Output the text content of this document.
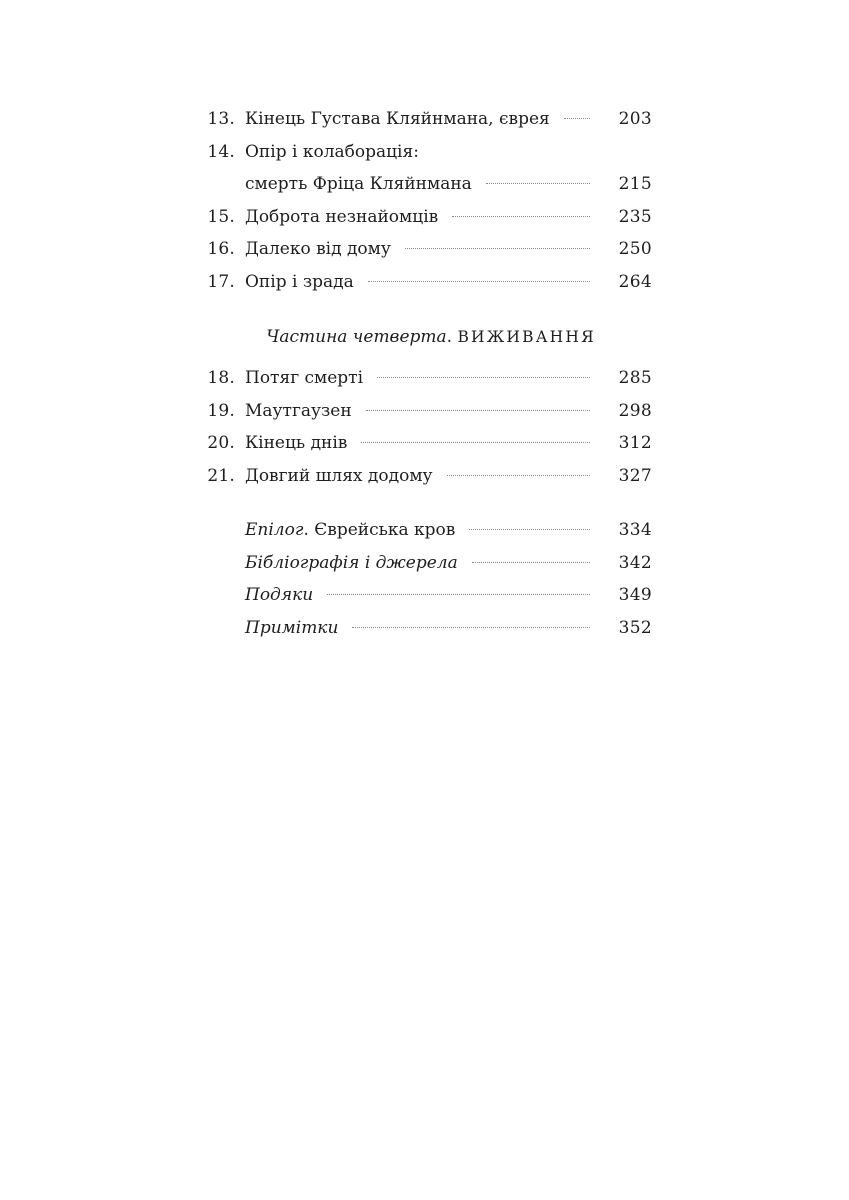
13. Кінець Густава Кляйнмана, єврея	203
14. Опір і колаборація:
смерть Фріца Кляйнмана	215
15. Доброта незнайомців	235
16. Далеко від дому	250
17. Опір і зрада	264
Частина четверта. ВИЖИВАННЯ
18. Потяг смерті	285
19. Маутгаузен	298
20. Кінець днів	312
21. Довгий шлях додому	327
Епілог. Єврейська кров	334
Бібліографія і джерела	342
Подяки	349
Примітки	352
